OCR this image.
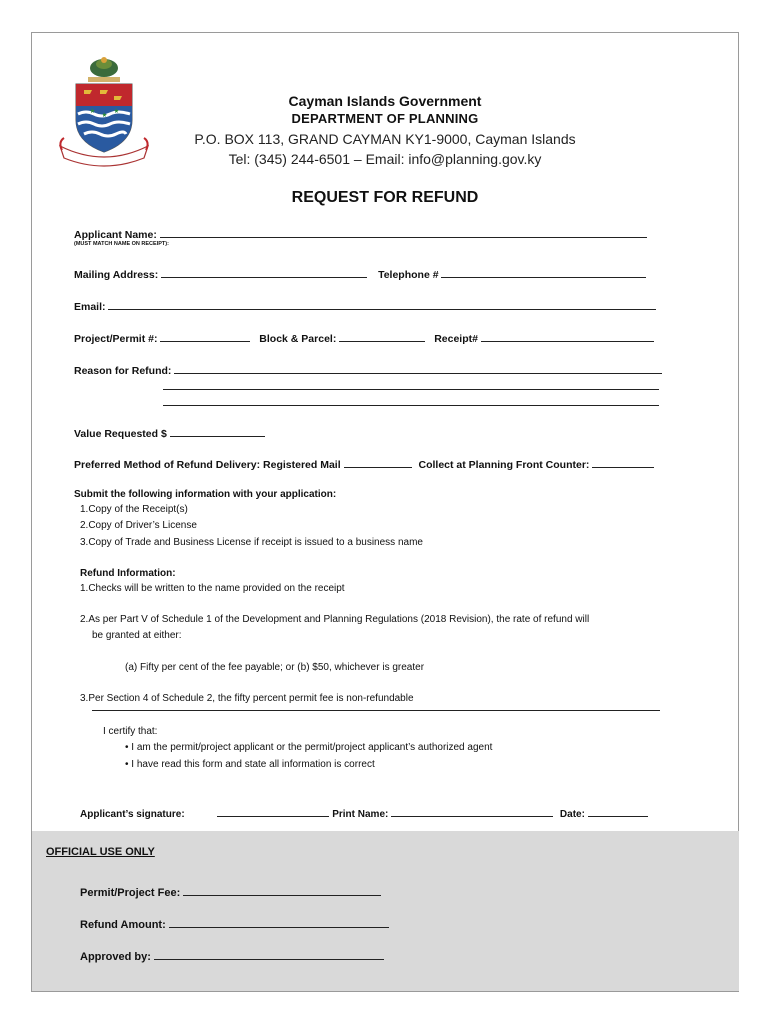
Cayman Islands Government
DEPARTMENT OF PLANNING
P.O. BOX 113, GRAND CAYMAN KY1-9000, Cayman Islands
Tel: (345) 244-6501 – Email: info@planning.gov.ky
REQUEST FOR REFUND
Applicant Name:
(MUST MATCH NAME ON RECEIPT):
Mailing Address:	Telephone #
Email:
Project/Permit #:	Block & Parcel:	Receipt#
Reason for Refund:
Value Requested $
Preferred Method of Refund Delivery: Registered Mail	Collect at Planning Front Counter:
Submit the following information with your application:
1.Copy of the Receipt(s)
2.Copy of Driver’s License
3.Copy of Trade and Business License if receipt is issued to a business name
Refund Information:
1.Checks will be written to the name provided on the receipt
2.As per Part V of Schedule 1 of the Development and Planning Regulations (2018 Revision), the rate of refund will
be granted at either:
(a) Fifty per cent of the fee payable; or (b) $50, whichever is greater
3.Per Section 4 of Schedule 2, the fifty percent permit fee is non-refundable
I certify that:
• I am the permit/project applicant or the permit/project applicant’s authorized agent
• I have read this form and state all information is correct
Applicant’s signature:	Print Name:	Date:
OFFICIAL USE ONLY
Permit/Project Fee:
Refund Amount:
Approved by:
